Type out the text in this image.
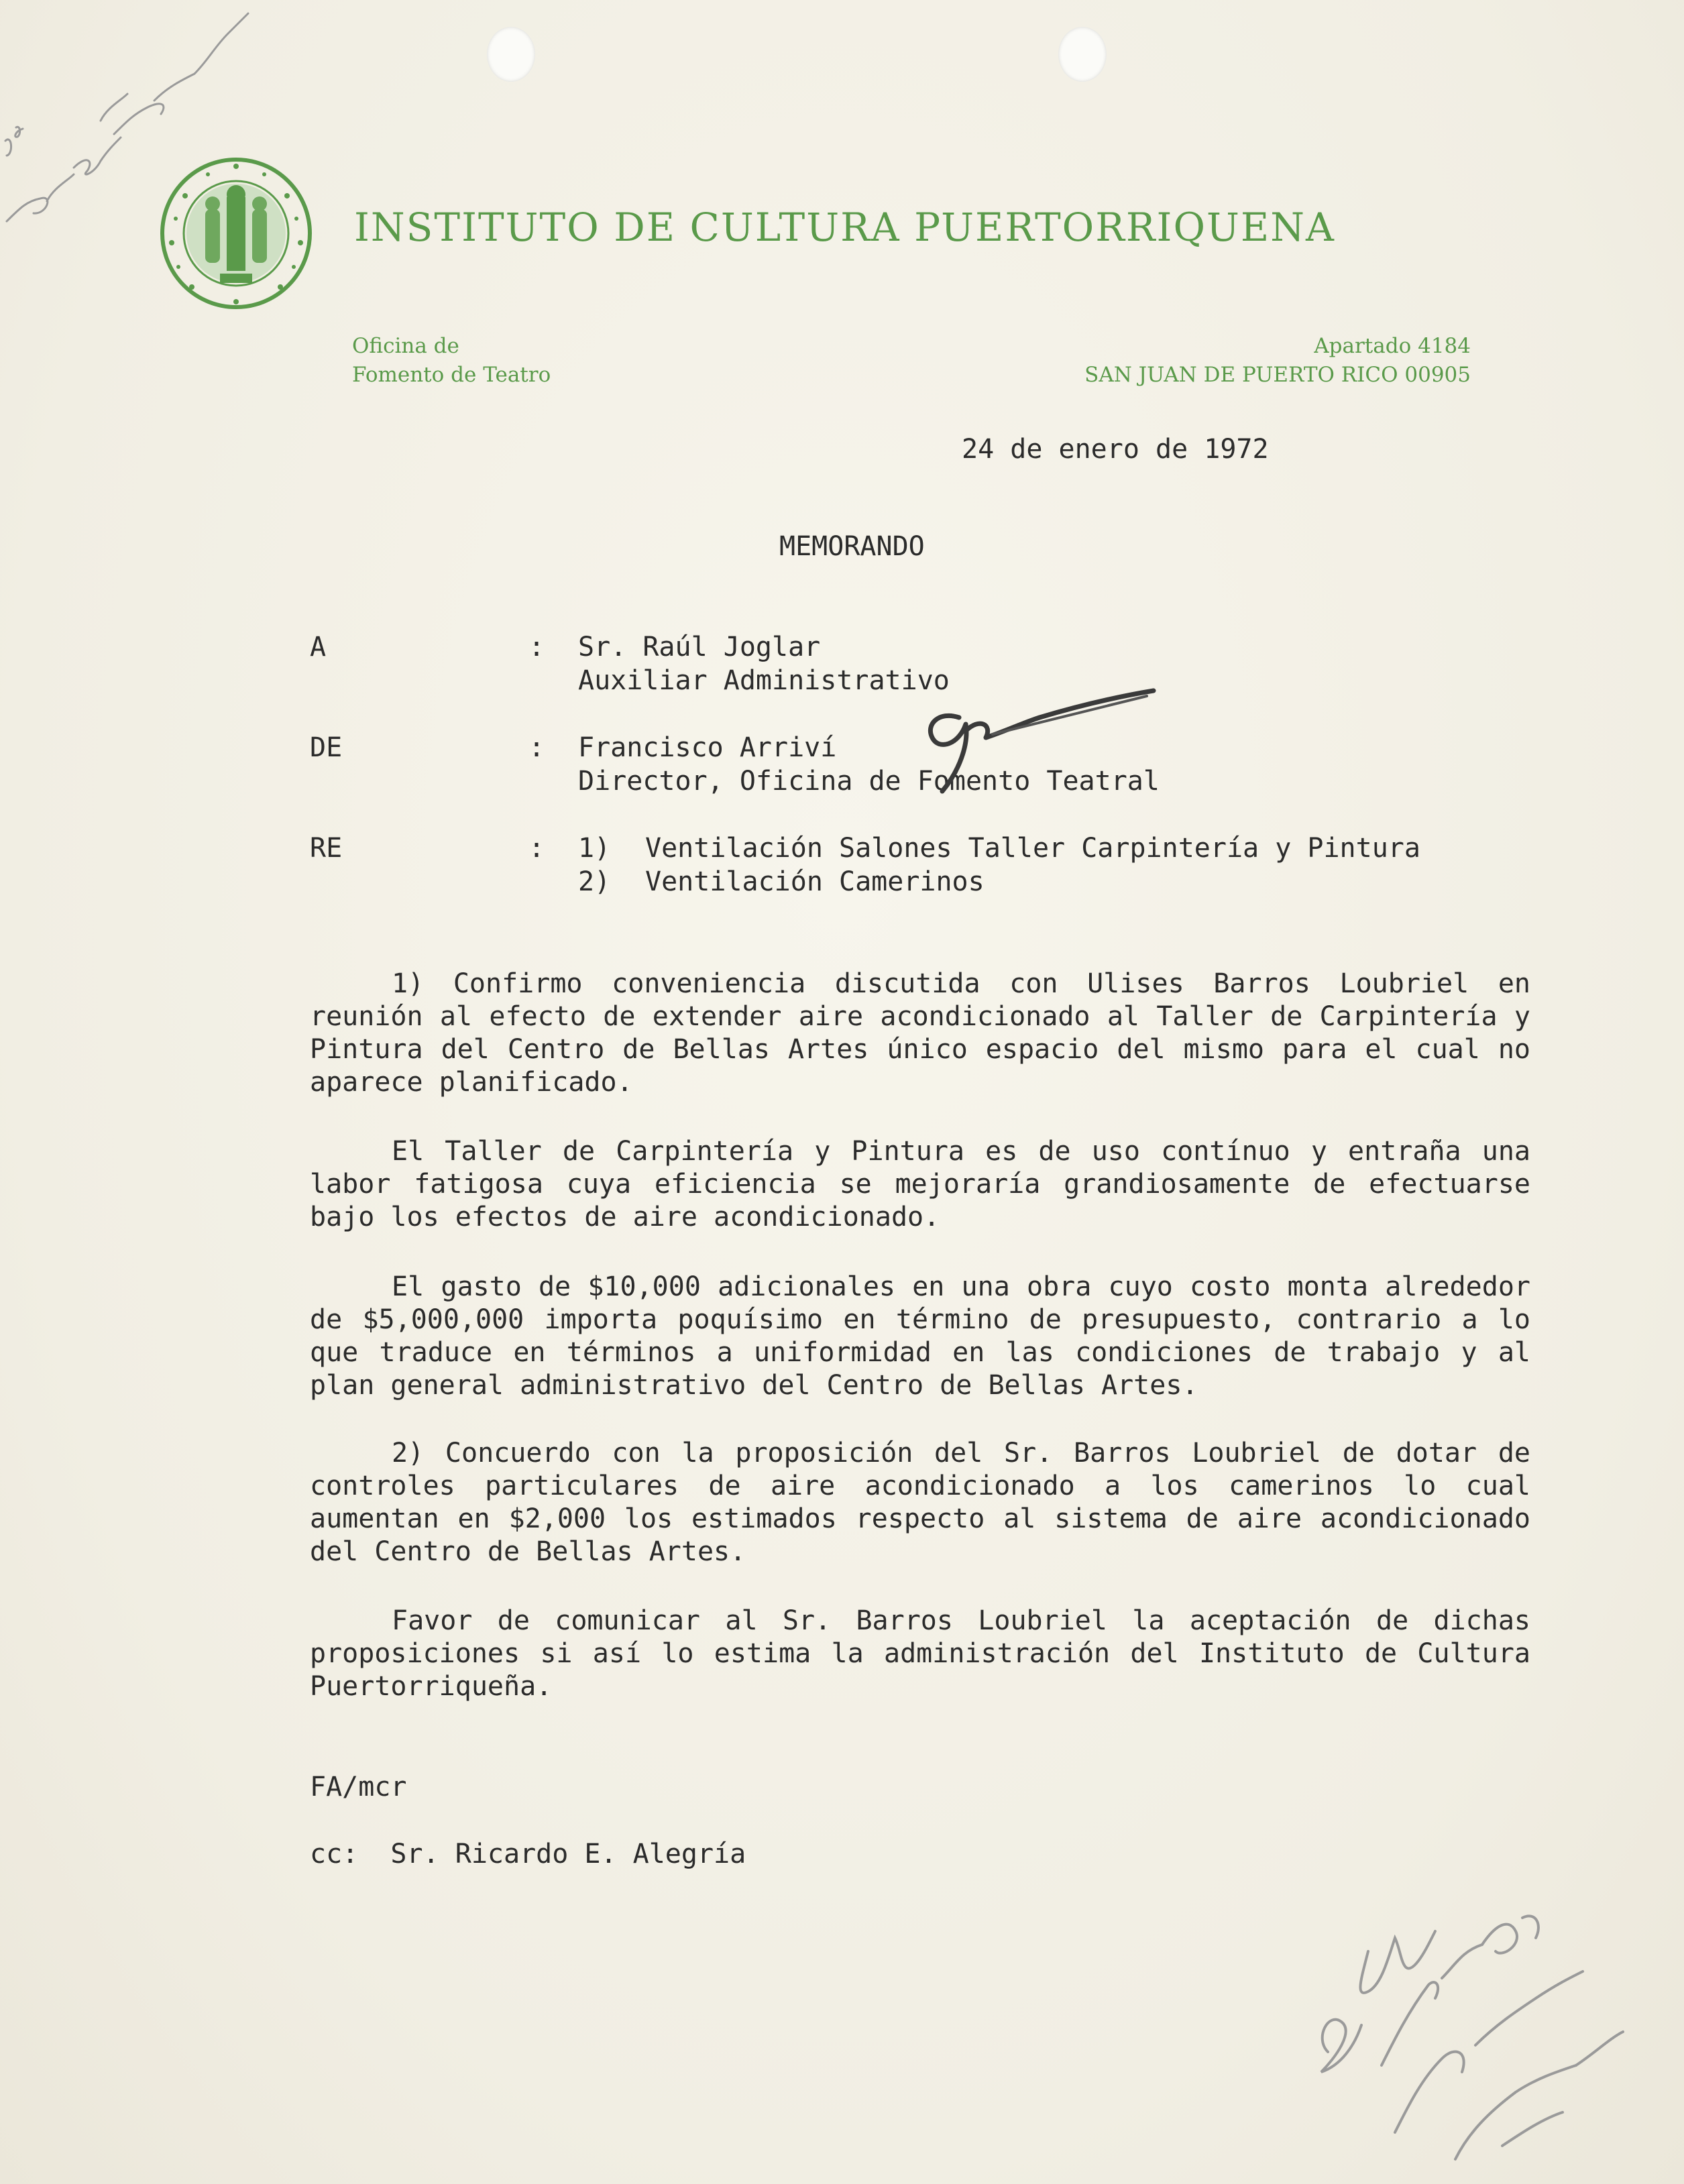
INSTITUTO DE CULTURA PUERTORRIQUENA
Oficina de
Fomento de Teatro
Apartado 4184
SAN JUAN DE PUERTO RICO 00905
24 de enero de 1972
MEMORANDO
A	: Sr. Raúl Joglar
Auxiliar Administrativo
DE	: Francisco Arriví
Director, Oficina de Fomento Teatral
RE	: 1) Ventilación Salones Taller Carpintería y Pintura
2) Ventilación Camerinos
1) Confirmo conveniencia discutida con Ulises Barros Loubriel en reunión al efecto de extender aire acondicionado al Taller de Carpintería y Pintura del Centro de Bellas Artes único espacio del mismo para el cual no aparece planificado.
El Taller de Carpintería y Pintura es de uso contínuo y entraña una labor fatigosa cuya eficiencia se mejoraría grandiosamente de efectuarse bajo los efectos de aire acondicionado.
El gasto de $10,000 adicionales en una obra cuyo costo monta alrededor de $5,000,000 importa poquísimo en término de presupuesto, contrario a lo que traduce en términos a uniformidad en las condiciones de trabajo y al plan general administrativo del Centro de Bellas Artes.
2) Concuerdo con la proposición del Sr. Barros Loubriel de dotar de controles particulares de aire acondicionado a los camerinos lo cual aumentan en $2,000 los estimados respecto al sistema de aire acondicionado del Centro de Bellas Artes.
Favor de comunicar al Sr. Barros Loubriel la aceptación de dichas proposiciones si así lo estima la administración del Instituto de Cultura Puertorriqueña.
FA/mcr
cc:  Sr. Ricardo E. Alegría
